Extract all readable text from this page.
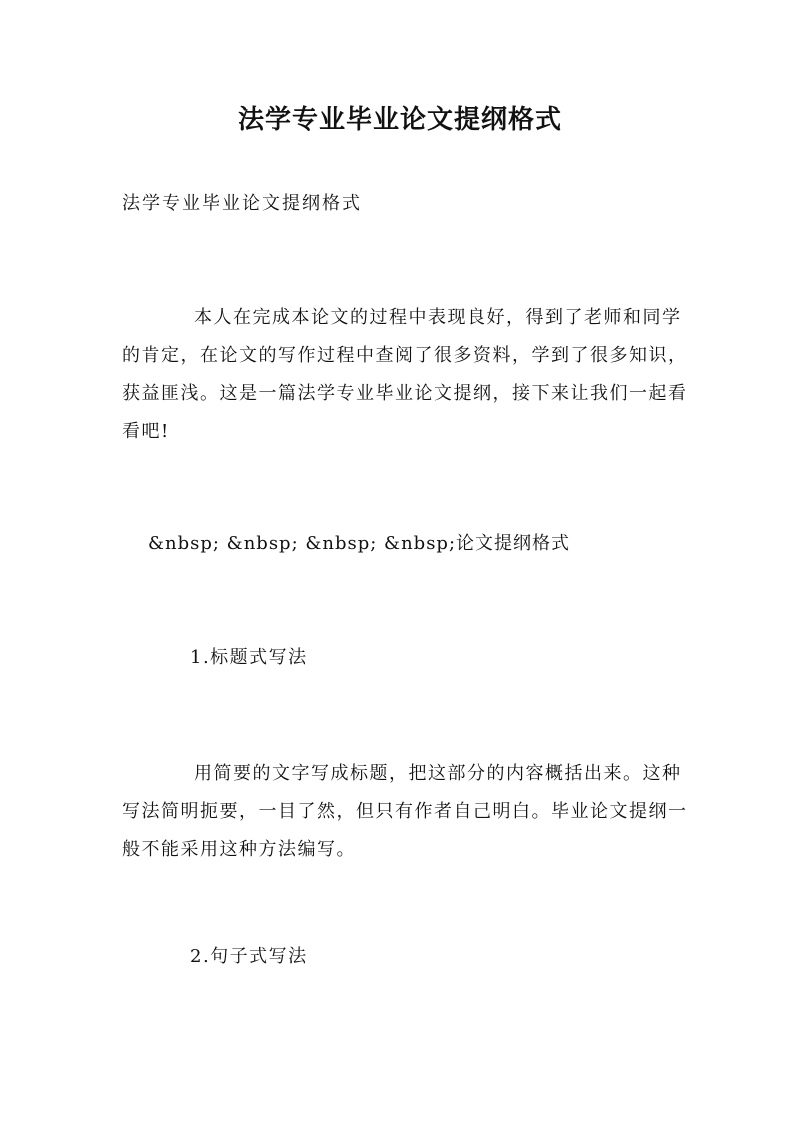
法学专业毕业论文提纲格式
法学专业毕业论文提纲格式

本人在完成本论文的过程中表现良好，得到了老师和同学的肯定，在论文的写作过程中查阅了很多资料，学到了很多知识，获益匪浅。这是一篇法学专业毕业论文提纲，接下来让我们一起看看吧!

&nbsp; &nbsp; &nbsp; &nbsp;论文提纲格式
1.标题式写法

用简要的文字写成标题，把这部分的内容概括出来。这种写法简明扼要，一目了然，但只有作者自己明白。毕业论文提纲一般不能采用这种方法编写。

2.句子式写法
